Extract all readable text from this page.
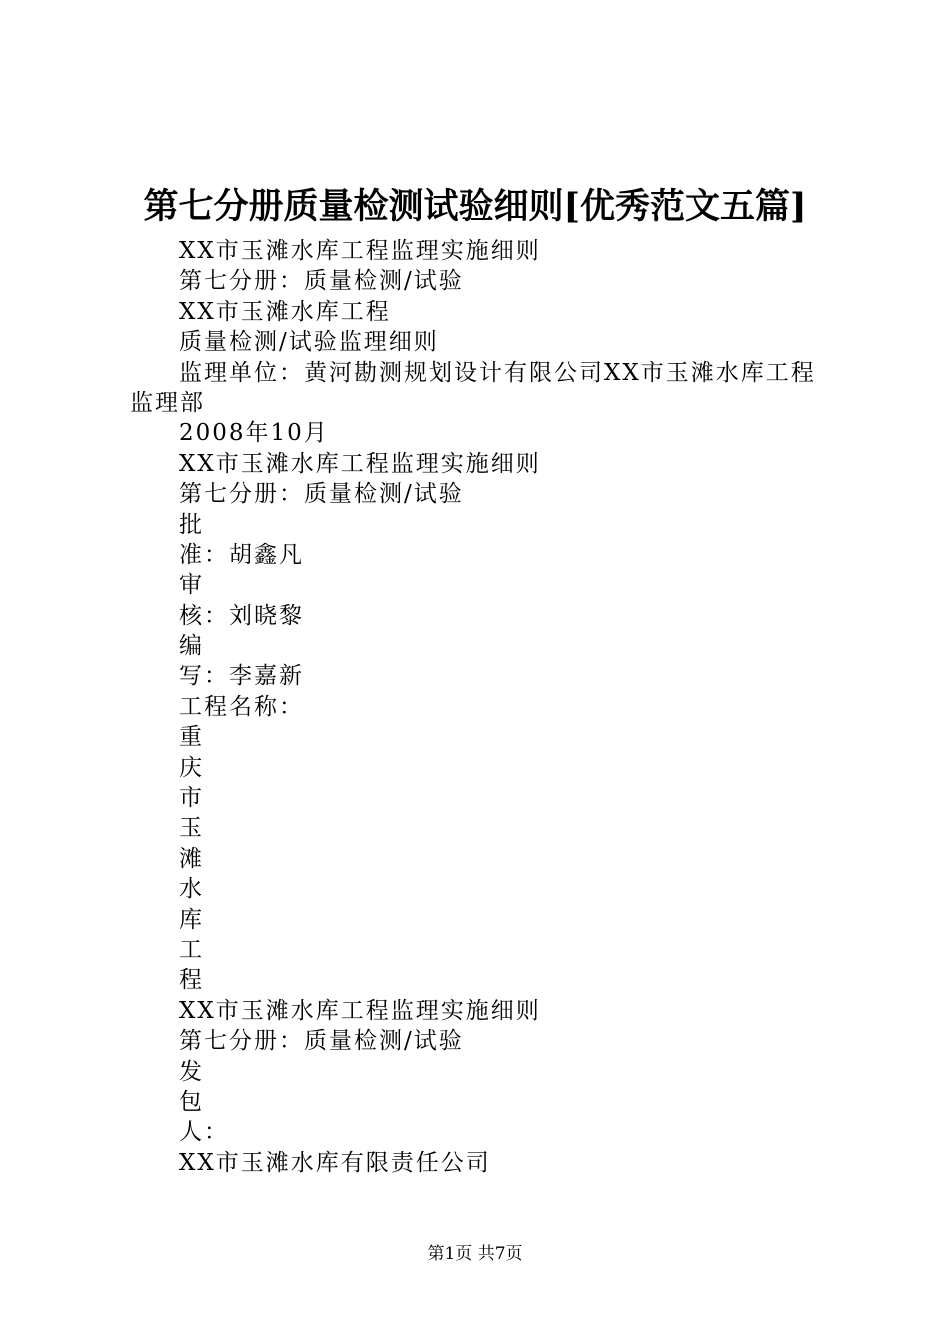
第七分册质量检测试验细则[优秀范文五篇]
XX市玉滩水库工程监理实施细则
第七分册：质量检测/试验
XX市玉滩水库工程
质量检测/试验监理细则
监理单位：黄河勘测规划设计有限公司XX市玉滩水库工程
监理部
2008年10月
XX市玉滩水库工程监理实施细则
第七分册：质量检测/试验
批
准：胡鑫凡
审
核：刘晓黎
编
写：李嘉新
工程名称：
重
庆
市
玉
滩
水
库
工
程
XX市玉滩水库工程监理实施细则
第七分册：质量检测/试验
发
包
人：
XX市玉滩水库有限责任公司
第1页 共7页
